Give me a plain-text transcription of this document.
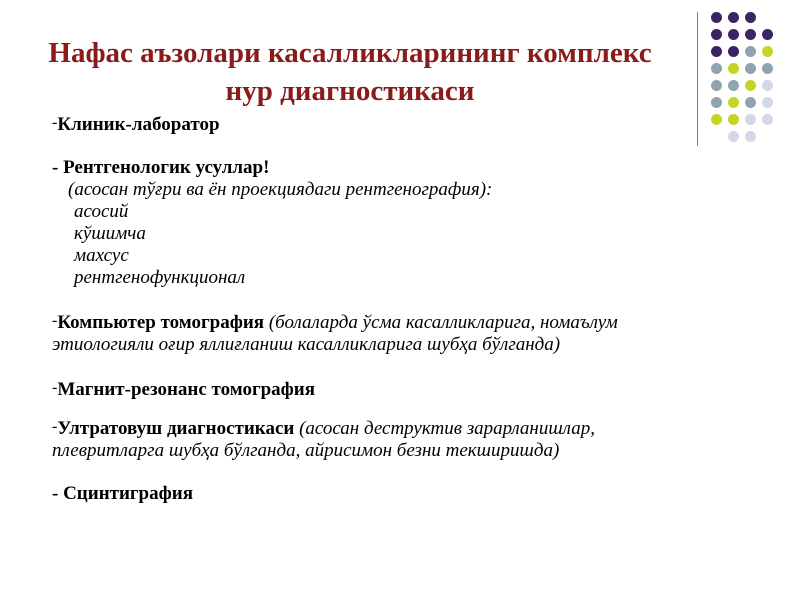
Нафас аъзолари касалликларининг комплекс
нур диагностикаси
-Клиник-лаборатор
- Рентгенологик усуллар!
(асосан тўғри ва ён проекциядаги рентгенография):
асосий
кўшимча
махсус
рентгенофункционал
-Компьютер томография (болаларда ўсма касалликларига, номаълум
этиологияли оғир яллиғланиш касалликларига шубҳа бўлганда)
-Магнит-резонанс томография
-Ултратовуш диагностикаси (асосан деструктив зарарланишлар,
плевритларга шубҳа бўлганда, айрисимон безни текширишда)
- Сцинтиграфия
